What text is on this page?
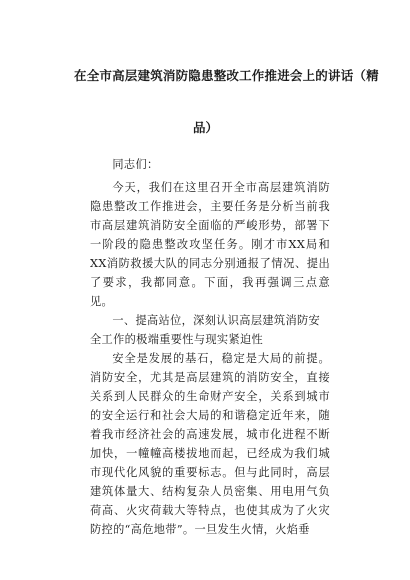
在全市高层建筑消防隐患整改工作推进会上的讲话（精
品）

同志们：

今天，我们在这里召开全市高层建筑消防隐患整改工作推进会，主要任务是分析当前我市高层建筑消防安全面临的严峻形势，部署下一阶段的隐患整改攻坚任务。刚才市XX局和XX消防救援大队的同志分别通报了情况、提出了要求，我都同意。下面，我再强调三点意见。

一、提高站位，深刻认识高层建筑消防安全工作的极端重要性与现实紧迫性

安全是发展的基石，稳定是大局的前提。消防安全，尤其是高层建筑的消防安全，直接关系到人民群众的生命财产安全，关系到城市的安全运行和社会大局的和谐稳定近年来，随着我市经济社会的高速发展，城市化进程不断加快，一幢幢高楼拔地而起，已经成为我们城市现代化风貌的重要标志。但与此同时，高层建筑体量大、结构复杂人员密集、用电用气负荷高、火灾荷载大等特点，也使其成为了火灾防控的“高危地带”。一旦发生火情，火焰垂
